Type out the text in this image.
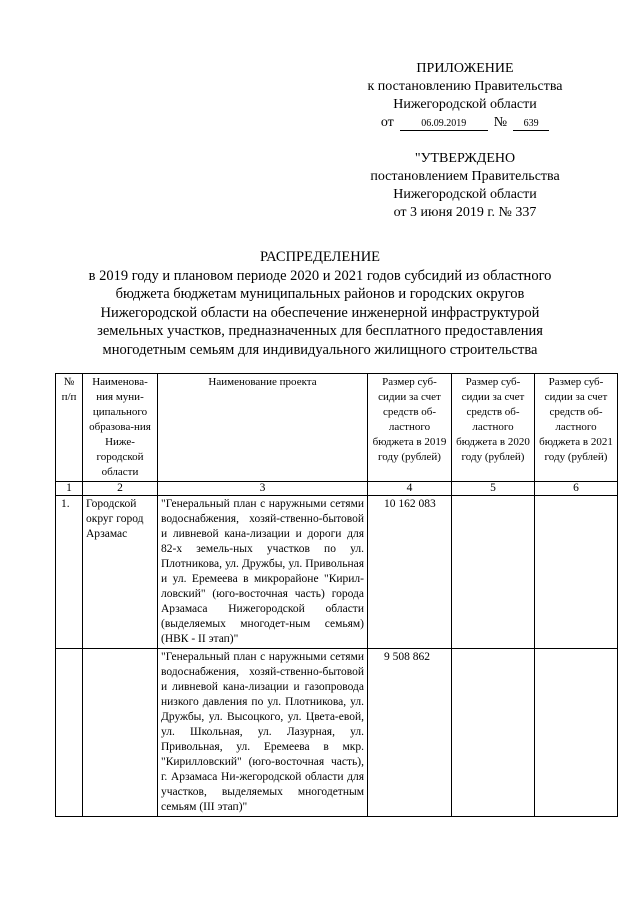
ПРИЛОЖЕНИЕ
к постановлению Правительства
Нижегородской области
от	06.09.2019	№	639
"УТВЕРЖДЕНО
постановлением Правительства
Нижегородской области
от 3 июня 2019 г. № 337
РАСПРЕДЕЛЕНИЕ
в 2019 году и плановом периоде 2020 и 2021 годов субсидий из областного бюджета бюджетам муниципальных районов и городских округов Нижегородской области на обеспечение инженерной инфраструктурой земельных участков, предназначенных для бесплатного предоставления многодетным семьям для индивидуального жилищного строительства
№ п/п	Наименова-ния муни-ципального образова-ния Ниже-городской области	Наименование проекта	Размер суб-сидии за счет средств об-ластного бюджета в 2019 году (рублей)	Размер суб-сидии за счет средств об-ластного бюджета в 2020 году (рублей)	Размер суб-сидии за счет средств об-ластного бюджета в 2021 году (рублей)
1	2	3	4	5	6
1.	Городской округ город Арзамас	"Генеральный план с наружными сетями водоснабжения, хозяй-ственно-бытовой и ливневой кана-лизации и дороги для 82-х земель-ных участков по ул. Плотникова, ул. Дружбы, ул. Привольная и ул. Еремеева в микрорайоне "Кирил-ловский" (юго-восточная часть) города Арзамаса Нижегородской области (выделяемых многодет-ным семьям) (НВК - II этап)"	10 162 083		
		"Генеральный план с наружными сетями водоснабжения, хозяй-ственно-бытовой и ливневой кана-лизации и газопровода низкого давления по ул. Плотникова, ул. Дружбы, ул. Высоцкого, ул. Цвета-евой, ул. Школьная, ул. Лазурная, ул. Привольная, ул. Еремеева в мкр. "Кирилловский" (юго-восточная часть), г. Арзамаса Ни-жегородской области для участков, выделяемых многодетным семьям (III этап)"	9 508 862		
